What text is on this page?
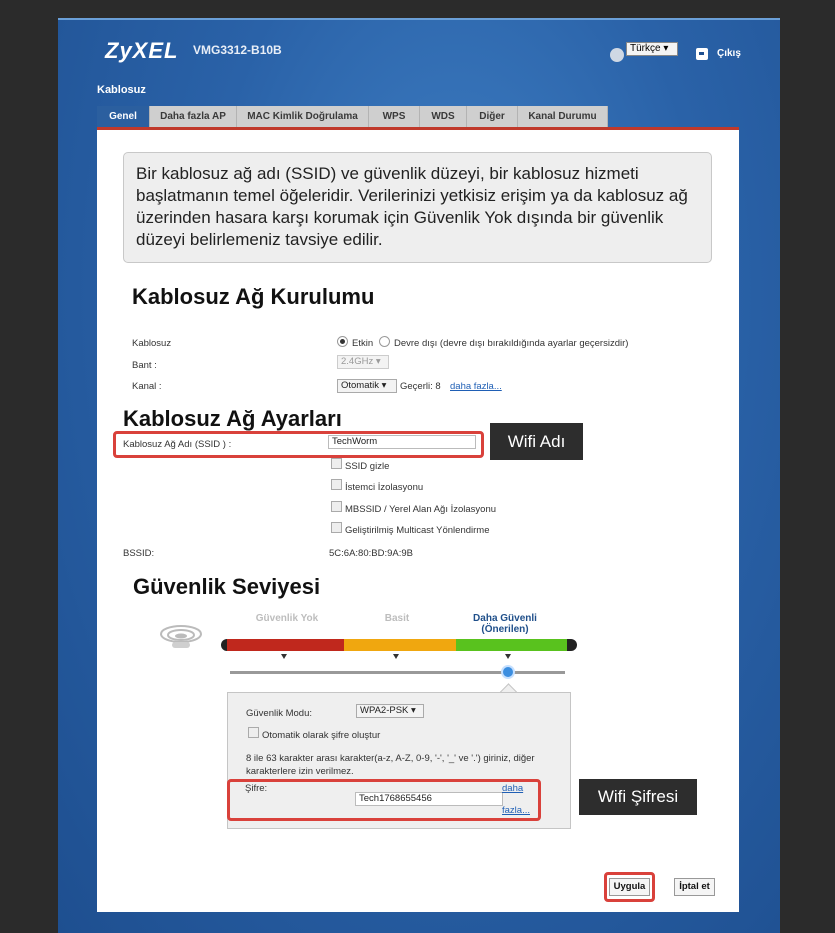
ZyXEL VMG3312-B10B	Türkçe ▾	Çıkış
Kablosuz
Genel	Daha fazla AP	MAC Kimlik Doğrulama	WPS	WDS	Diğer	Kanal Durumu
Bir kablosuz ağ adı (SSID) ve güvenlik düzeyi, bir kablosuz hizmeti başlatmanın temel öğeleridir. Verilerinizi yetkisiz erişim ya da kablosuz ağ üzerinden hasara karşı korumak için Güvenlik Yok dışında bir güvenlik düzeyi belirlemeniz tavsiye edilir.
Kablosuz Ağ Kurulumu
Kablosuz	Etkin Devre dışı (devre dışı bırakıldığında ayarlar geçersizdir)
Bant :	2.4GHz ▾
Kanal :	Otomatik ▾	Geçerli: 8 daha fazla...
Kablosuz Ağ Ayarları
Kablosuz Ağ Adı (SSID ) :	TechWorm	Wifi Adı
SSID gizle
İstemci İzolasyonu
MBSSID / Yerel Alan Ağı İzolasyonu
Geliştirilmiş Multicast Yönlendirme
BSSID:	5C:6A:80:BD:9A:9B
Güvenlik Seviyesi
Güvenlik Yok	Basit	Daha Güvenli (Önerilen)
Güvenlik Modu:	WPA2-PSK ▾
Otomatik olarak şifre oluştur
8 ile 63 karakter arası karakter(a-z, A-Z, 0-9, '-', '_' ve '.') giriniz, diğer karakterlere izin verilmez.
Şifre:
Tech1768655456
daha
fazla...
Wifi Şifresi
Uygula	İptal et
